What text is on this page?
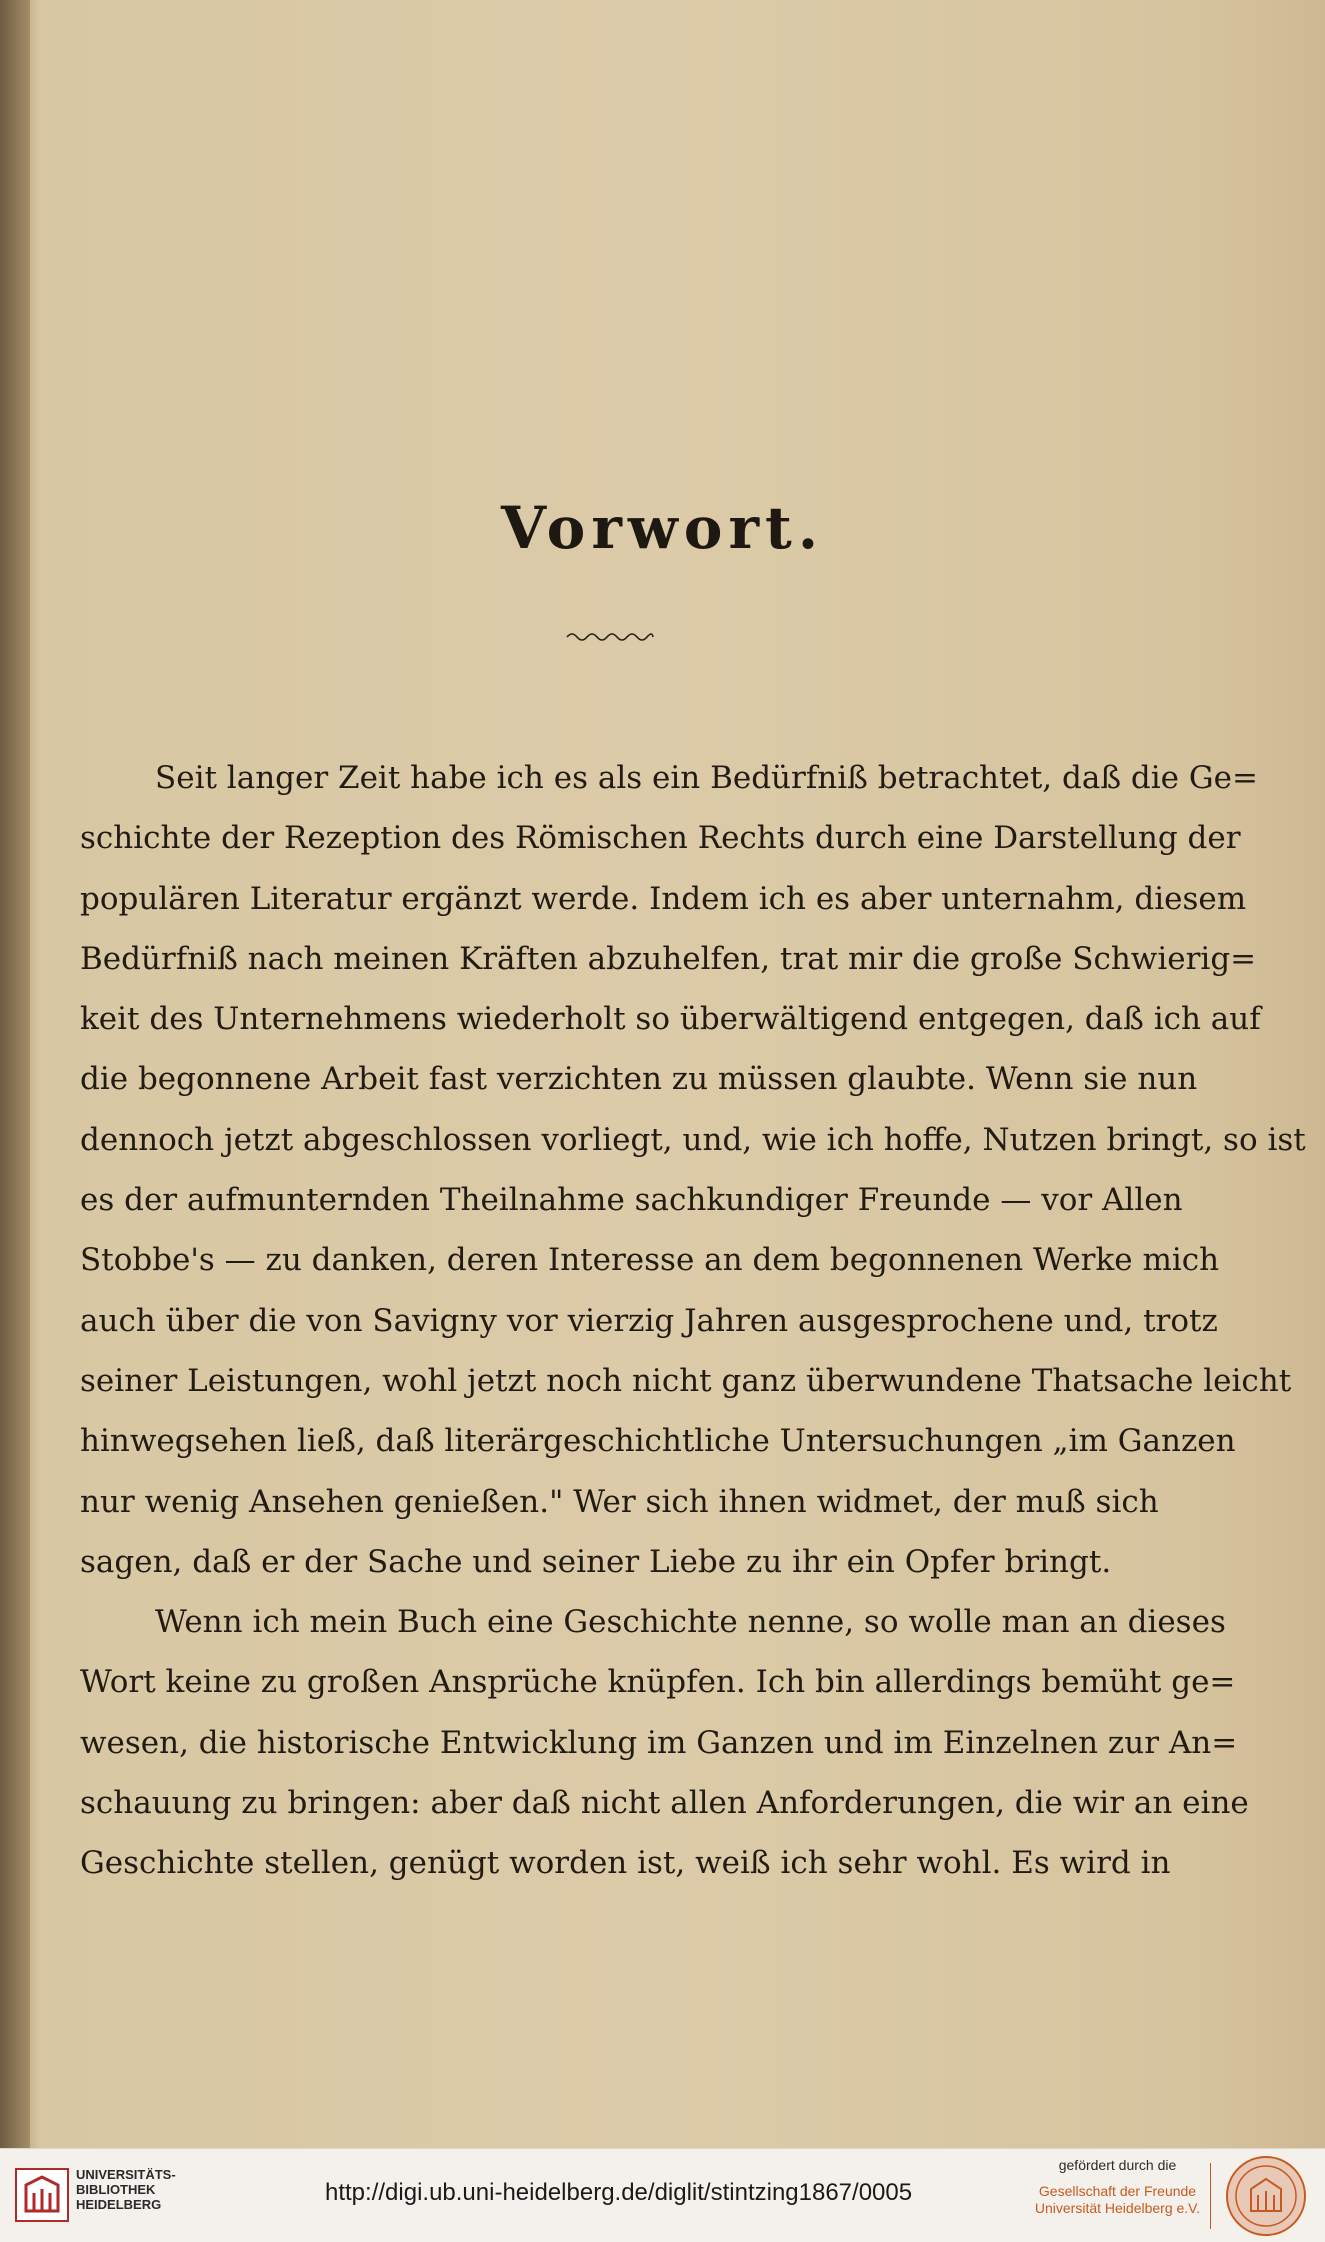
Vorwort.
Seit langer Zeit habe ich es als ein Bedürfniß betrachtet, daß die Ge=
schichte der Rezeption des Römischen Rechts durch eine Darstellung der
populären Literatur ergänzt werde. Indem ich es aber unternahm, diesem
Bedürfniß nach meinen Kräften abzuhelfen, trat mir die große Schwierig=
keit des Unternehmens wiederholt so überwältigend entgegen, daß ich auf
die begonnene Arbeit fast verzichten zu müssen glaubte. Wenn sie nun
dennoch jetzt abgeschlossen vorliegt, und, wie ich hoffe, Nutzen bringt, so ist
es der aufmunternden Theilnahme sachkundiger Freunde — vor Allen
Stobbe's — zu danken, deren Interesse an dem begonnenen Werke mich
auch über die von Savigny vor vierzig Jahren ausgesprochene und, trotz
seiner Leistungen, wohl jetzt noch nicht ganz überwundene Thatsache leicht
hinwegsehen ließ, daß literärgeschichtliche Untersuchungen „im Ganzen
nur wenig Ansehen genießen." Wer sich ihnen widmet, der muß sich
sagen, daß er der Sache und seiner Liebe zu ihr ein Opfer bringt.
Wenn ich mein Buch eine Geschichte nenne, so wolle man an dieses
Wort keine zu großen Ansprüche knüpfen. Ich bin allerdings bemüht ge=
wesen, die historische Entwicklung im Ganzen und im Einzelnen zur An=
schauung zu bringen: aber daß nicht allen Anforderungen, die wir an eine
Geschichte stellen, genügt worden ist, weiß ich sehr wohl. Es wird in
UNIVERSITÄTS-
BIBLIOTHEK
HEIDELBERG	http://digi.ub.uni-heidelberg.de/diglit/stintzing1867/0005
gefördert durch die
Gesellschaft der Freunde
Universität Heidelberg e.V.
